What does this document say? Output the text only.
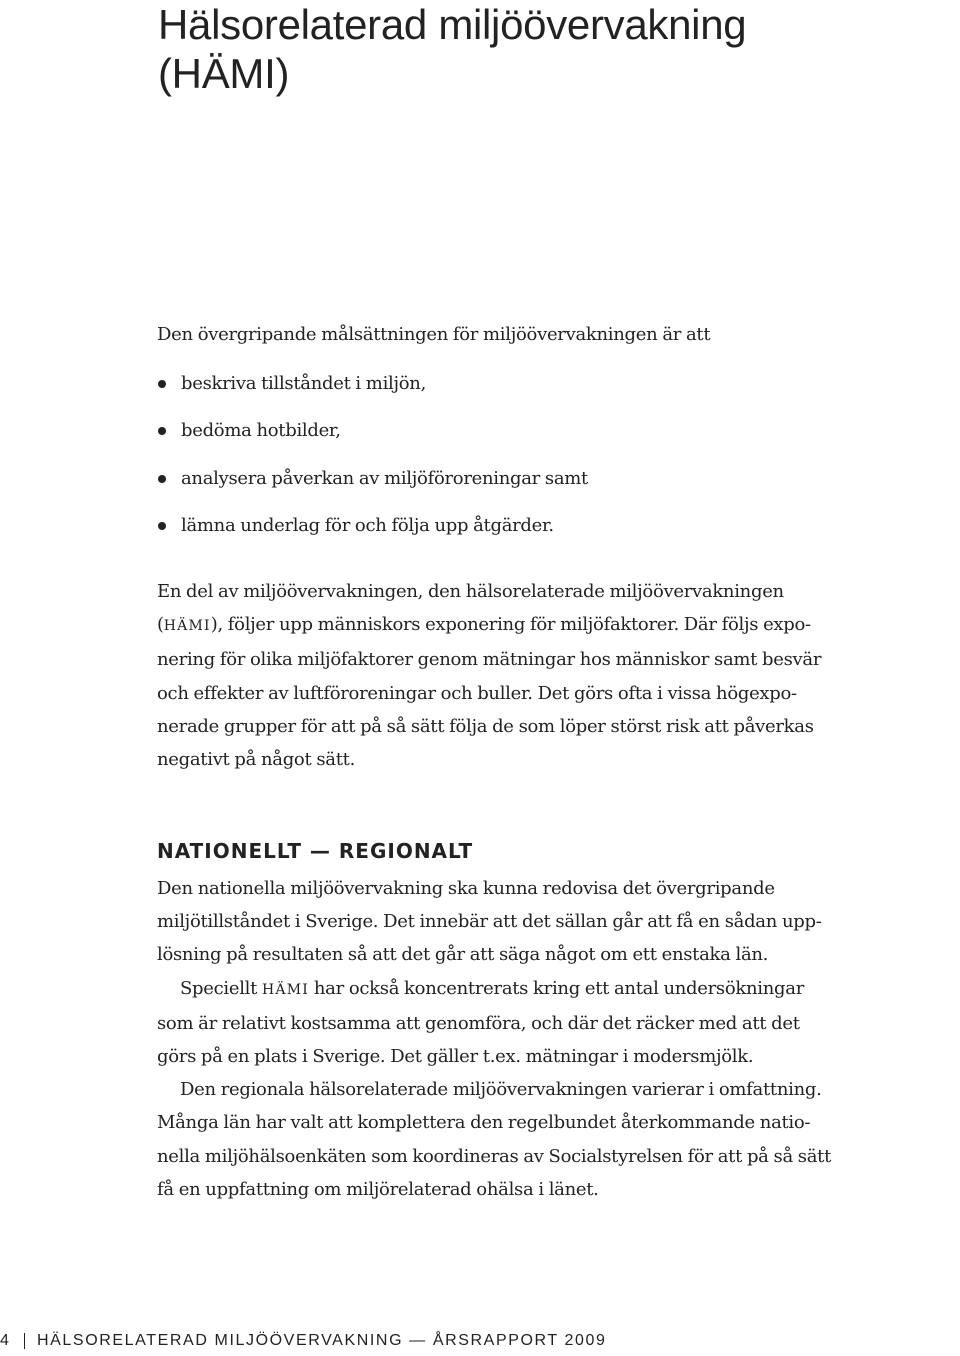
Hälsorelaterad miljöövervakning
(HÄMI)
Den övergripande målsättningen för miljöövervakningen är att
beskriva tillståndet i miljön,
bedöma hotbilder,
analysera påverkan av miljöföroreningar samt
lämna underlag för och följa upp åtgärder.
En del av miljöövervakningen, den hälsorelaterade miljöövervakningen
(HÄMI), följer upp människors exponering för miljöfaktorer. Där följs expo-
nering för olika miljöfaktorer genom mätningar hos människor samt besvär
och effekter av luftföroreningar och buller. Det görs ofta i vissa högexpo-
nerade grupper för att på så sätt följa de som löper störst risk att påverkas
negativt på något sätt.
NATIONELLT — REGIONALT
Den nationella miljöövervakning ska kunna redovisa det övergripande
miljötillståndet i Sverige. Det innebär att det sällan går att få en sådan upp-
lösning på resultaten så att det går att säga något om ett enstaka län.
Speciellt HÄMI har också koncentrerats kring ett antal undersökningar
som är relativt kostsamma att genomföra, och där det räcker med att det
görs på en plats i Sverige. Det gäller t.ex. mätningar i modersmjölk.
Den regionala hälsorelaterade miljöövervakningen varierar i omfattning.
Många län har valt att komplettera den regelbundet återkommande natio-
nella miljöhälsoenkäten som koordineras av Socialstyrelsen för att på så sätt
få en uppfattning om miljörelaterad ohälsa i länet.
4 HÄLSORELATERAD MILJÖÖVERVAKNING — ÅRSRAPPORT 2009
